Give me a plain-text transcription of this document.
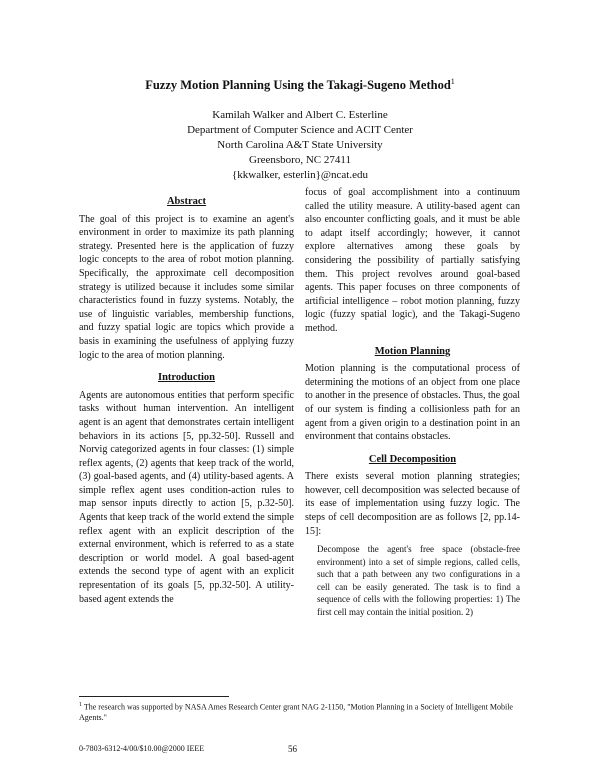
Fuzzy Motion Planning Using the Takagi-Sugeno Method$^1$
Kamilah Walker and Albert C. Esterline
Department of Computer Science and ACIT Center
North Carolina A&T State University
Greensboro, NC 27411
{kkwalker, esterlin}@ncat.edu
Abstract

The goal of this project is to examine an agent's environment in order to maximize its path planning strategy. Presented here is the application of fuzzy logic concepts to the area of robot motion planning. Specifically, the approximate cell decomposition strategy is utilized because it includes some similar characteristics found in fuzzy systems. Notably, the use of linguistic variables, membership functions, and fuzzy spatial logic are topics which provide a basis in examining the usefulness of applying fuzzy logic to the area of motion planning.

Introduction

Agents are autonomous entities that perform specific tasks without human intervention. An intelligent agent is an agent that demonstrates certain intelligent behaviors in its actions [5, pp.32-50]. Russell and Norvig categorized agents in four classes: (1) simple reflex agents, (2) agents that keep track of the world, (3) goal-based agents, and (4) utility-based agents. A simple reflex agent uses condition-action rules to map sensor inputs directly to action [5, p.32-50]. Agents that keep track of the world extend the simple reflex agent with an explicit description of the external environment, which is referred to as a state description or world model. A goal based-agent extends the second type of agent with an explicit representation of its goals [5, pp.32-50]. A utility-based agent extends the

focus of goal accomplishment into a continuum called the utility measure. A utility-based agent can also encounter conflicting goals, and it must be able to adapt itself accordingly; however, it cannot explore alternatives among these goals by considering the possibility of partially satisfying them. This project revolves around goal-based agents. This paper focuses on three components of artificial intelligence – robot motion planning, fuzzy logic (fuzzy spatial logic), and the Takagi-Sugeno method.

Motion Planning

Motion planning is the computational process of determining the motions of an object from one place to another in the presence of obstacles. Thus, the goal of our system is finding a collisionless path for an agent from a given origin to a destination point in an environment that contains obstacles.

Cell Decomposition

There exists several motion planning strategies; however, cell decomposition was selected because of its ease of implementation using fuzzy logic. The steps of cell decomposition are as follows [2, pp.14-15]:

Decompose the agent's free space (obstacle-free environment) into a set of simple regions, called cells, such that a path between any two configurations in a cell can be easily generated. The task is to find a sequence of cells with the following properties: 1) The first cell may contain the initial position. 2)

$^1$ The research was supported by NASA Ames Research Center grant NAG 2-1150, "Motion Planning in a Society of Intelligent Mobile Agents."
0-7803-6312-4/00/$10.00@2000 IEEE	56
